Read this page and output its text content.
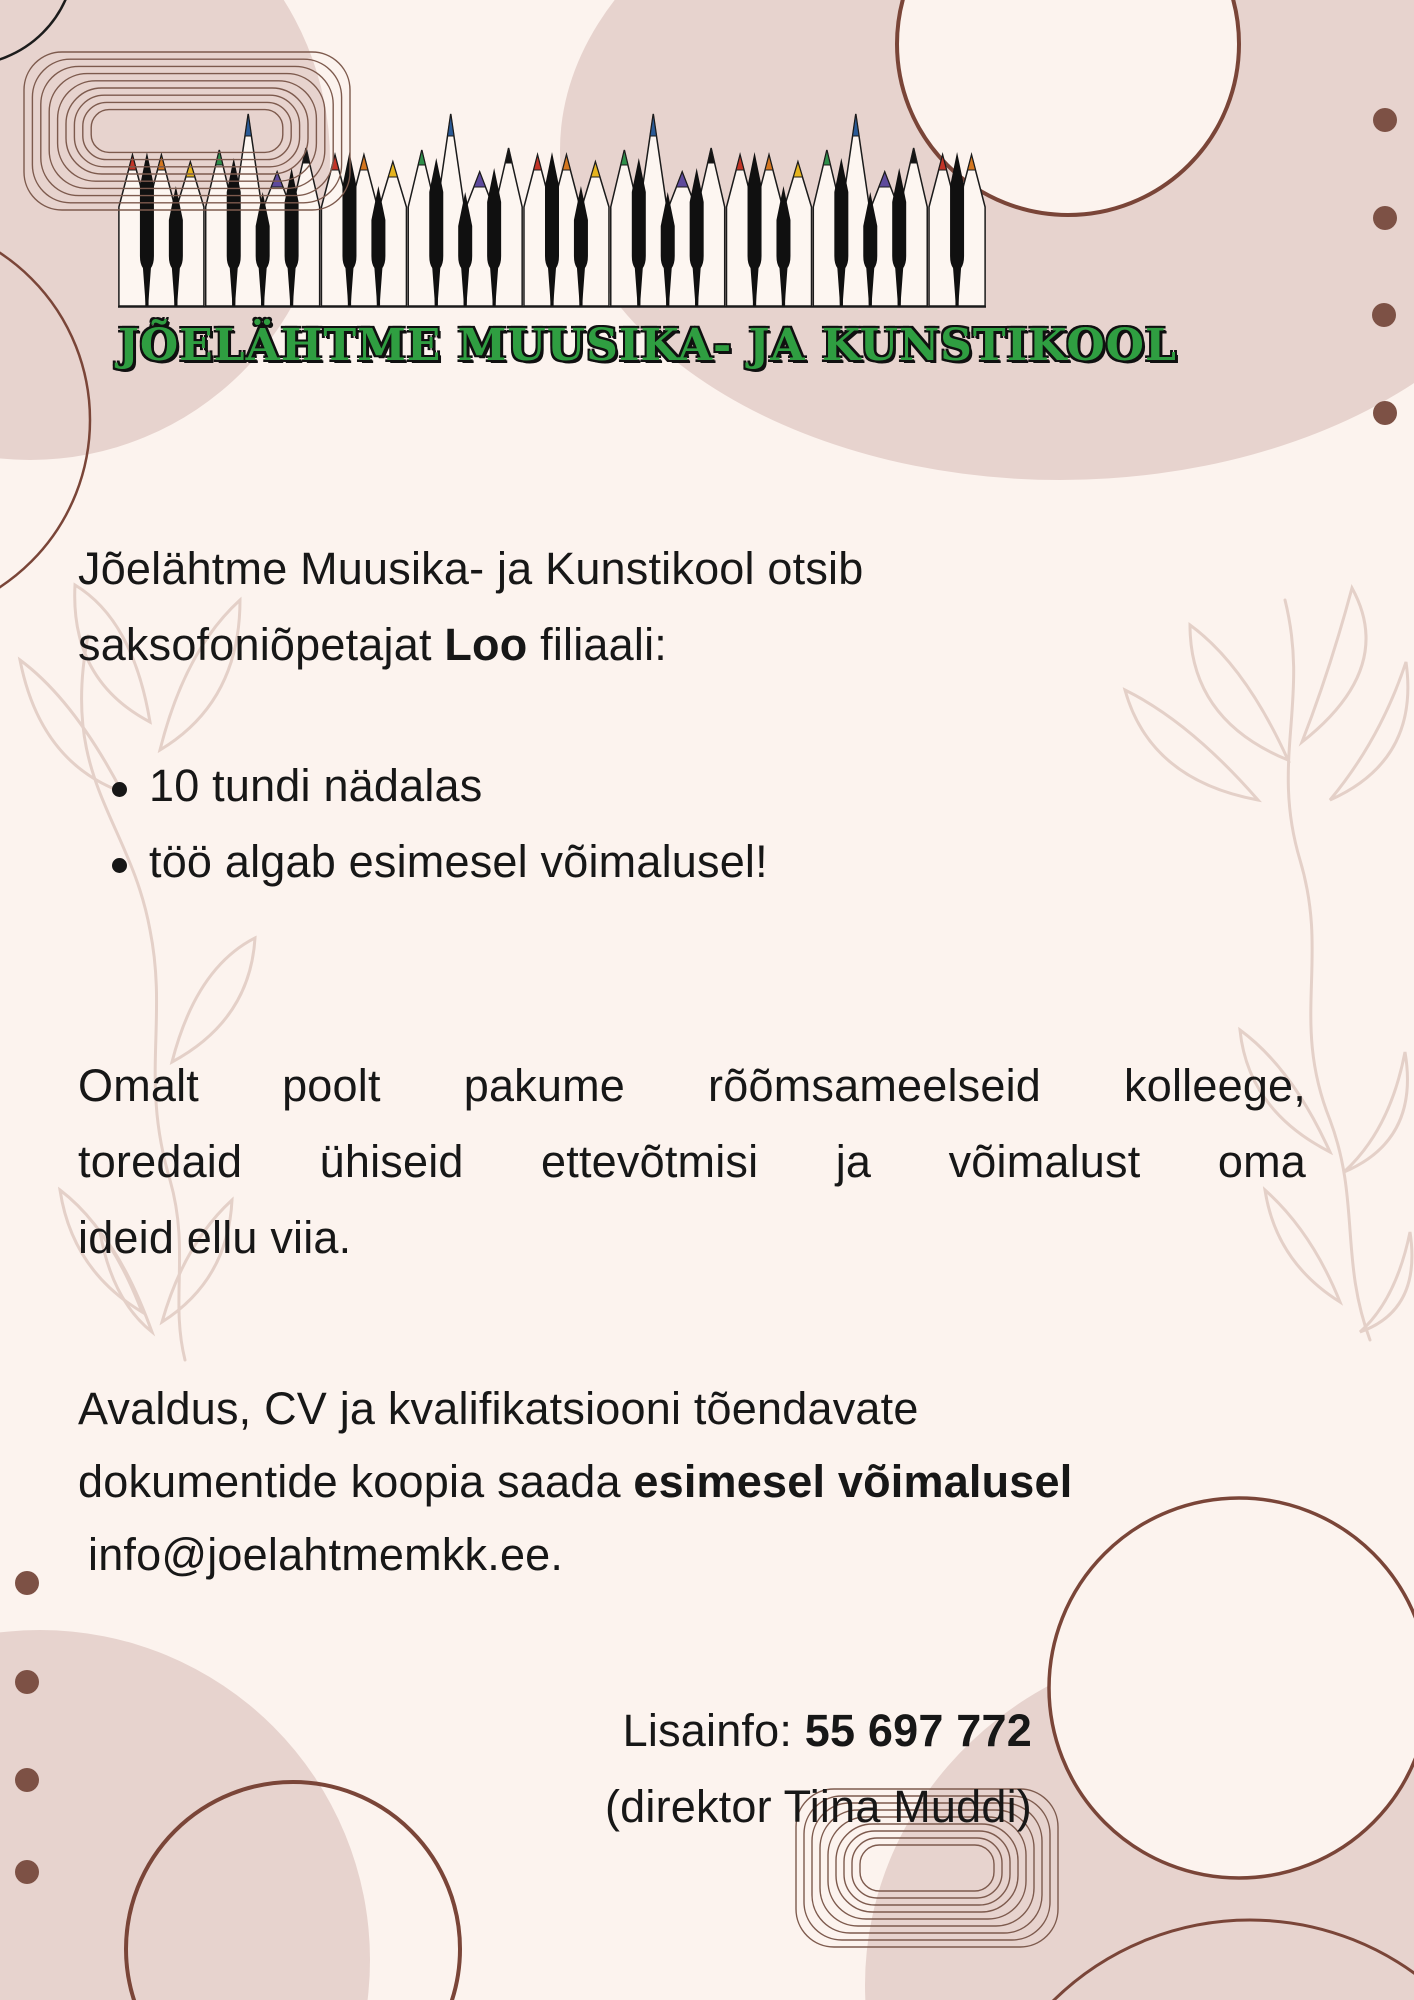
JÕELÄHTME MUUSIKA- JA KUNSTIKOOL
Jõelähtme Muusika- ja Kunstikool otsib
saksofoniõpetajat Loo filiaali:
10 tundi nädalas
töö algab esimesel võimalusel!
Omalt poolt pakume rõõmsameelseid kolleege,
toredaid ühiseid ettevõtmisi ja võimalust oma
ideid ellu viia.
Avaldus, CV ja kvalifikatsiooni tõendavate
dokumentide koopia saada esimesel võimalusel
info@joelahtmemkk.ee.
Lisainfo: 55 697 772
(direktor Tiina Muddi)
